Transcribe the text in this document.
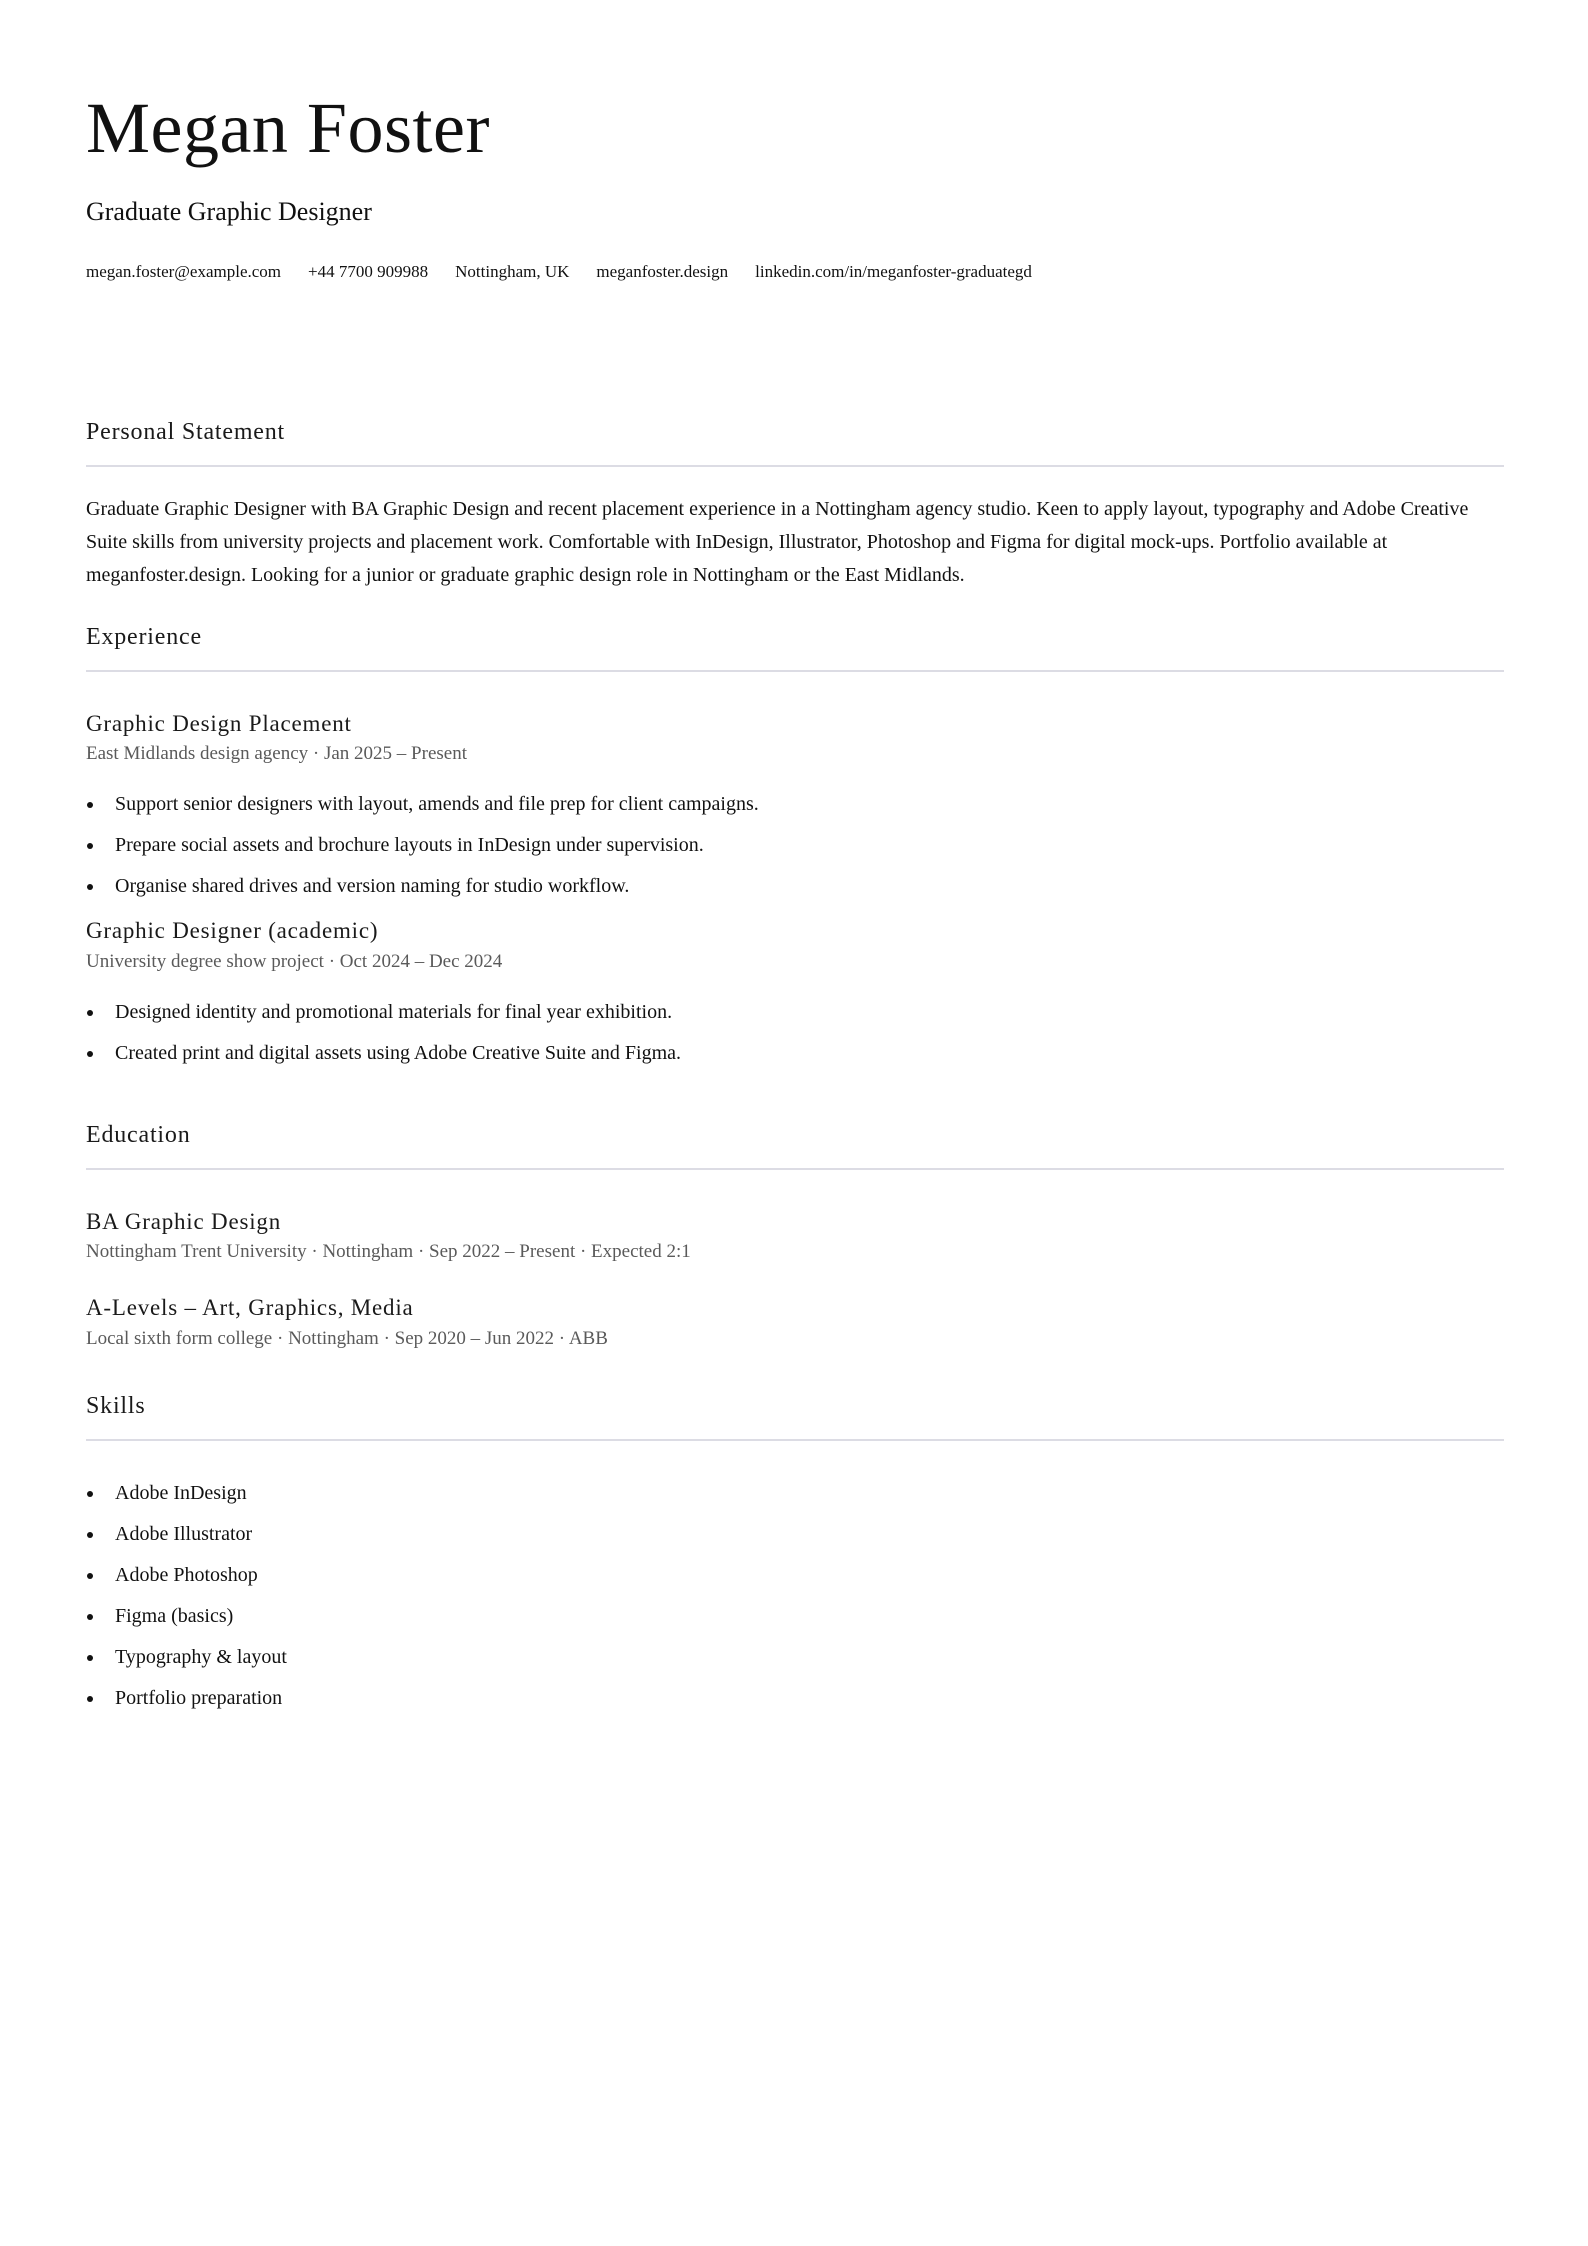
Megan Foster

Graduate Graphic Designer

megan.foster@example.com +44 7700 909988 Nottingham, UK meganfoster.design linkedin.com/in/meganfoster-graduategd
Personal Statement

Graduate Graphic Designer with BA Graphic Design and recent placement experience in a Nottingham agency studio. Keen to apply layout, typography and Adobe Creative Suite skills from university projects and placement work. Comfortable with InDesign, Illustrator, Photoshop and Figma for digital mock-ups. Portfolio available at meganfoster.design. Looking for a junior or graduate graphic design role in Nottingham or the East Midlands.

Experience
Graphic Design Placement

East Midlands design agency · Jan 2025 – Present

Support senior designers with layout, amends and file prep for client campaigns.
Prepare social assets and brochure layouts in InDesign under supervision.
Organise shared drives and version naming for studio workflow.
Graphic Designer (academic)

University degree show project · Oct 2024 – Dec 2024

Designed identity and promotional materials for final year exhibition.
Created print and digital assets using Adobe Creative Suite and Figma.
Education
BA Graphic Design

Nottingham Trent University · Nottingham · Sep 2022 – Present · Expected 2:1

A-Levels – Art, Graphics, Media

Local sixth form college · Nottingham · Sep 2020 – Jun 2022 · ABB

Skills
Adobe InDesign
Adobe Illustrator
Adobe Photoshop
Figma (basics)
Typography & layout
Portfolio preparation
